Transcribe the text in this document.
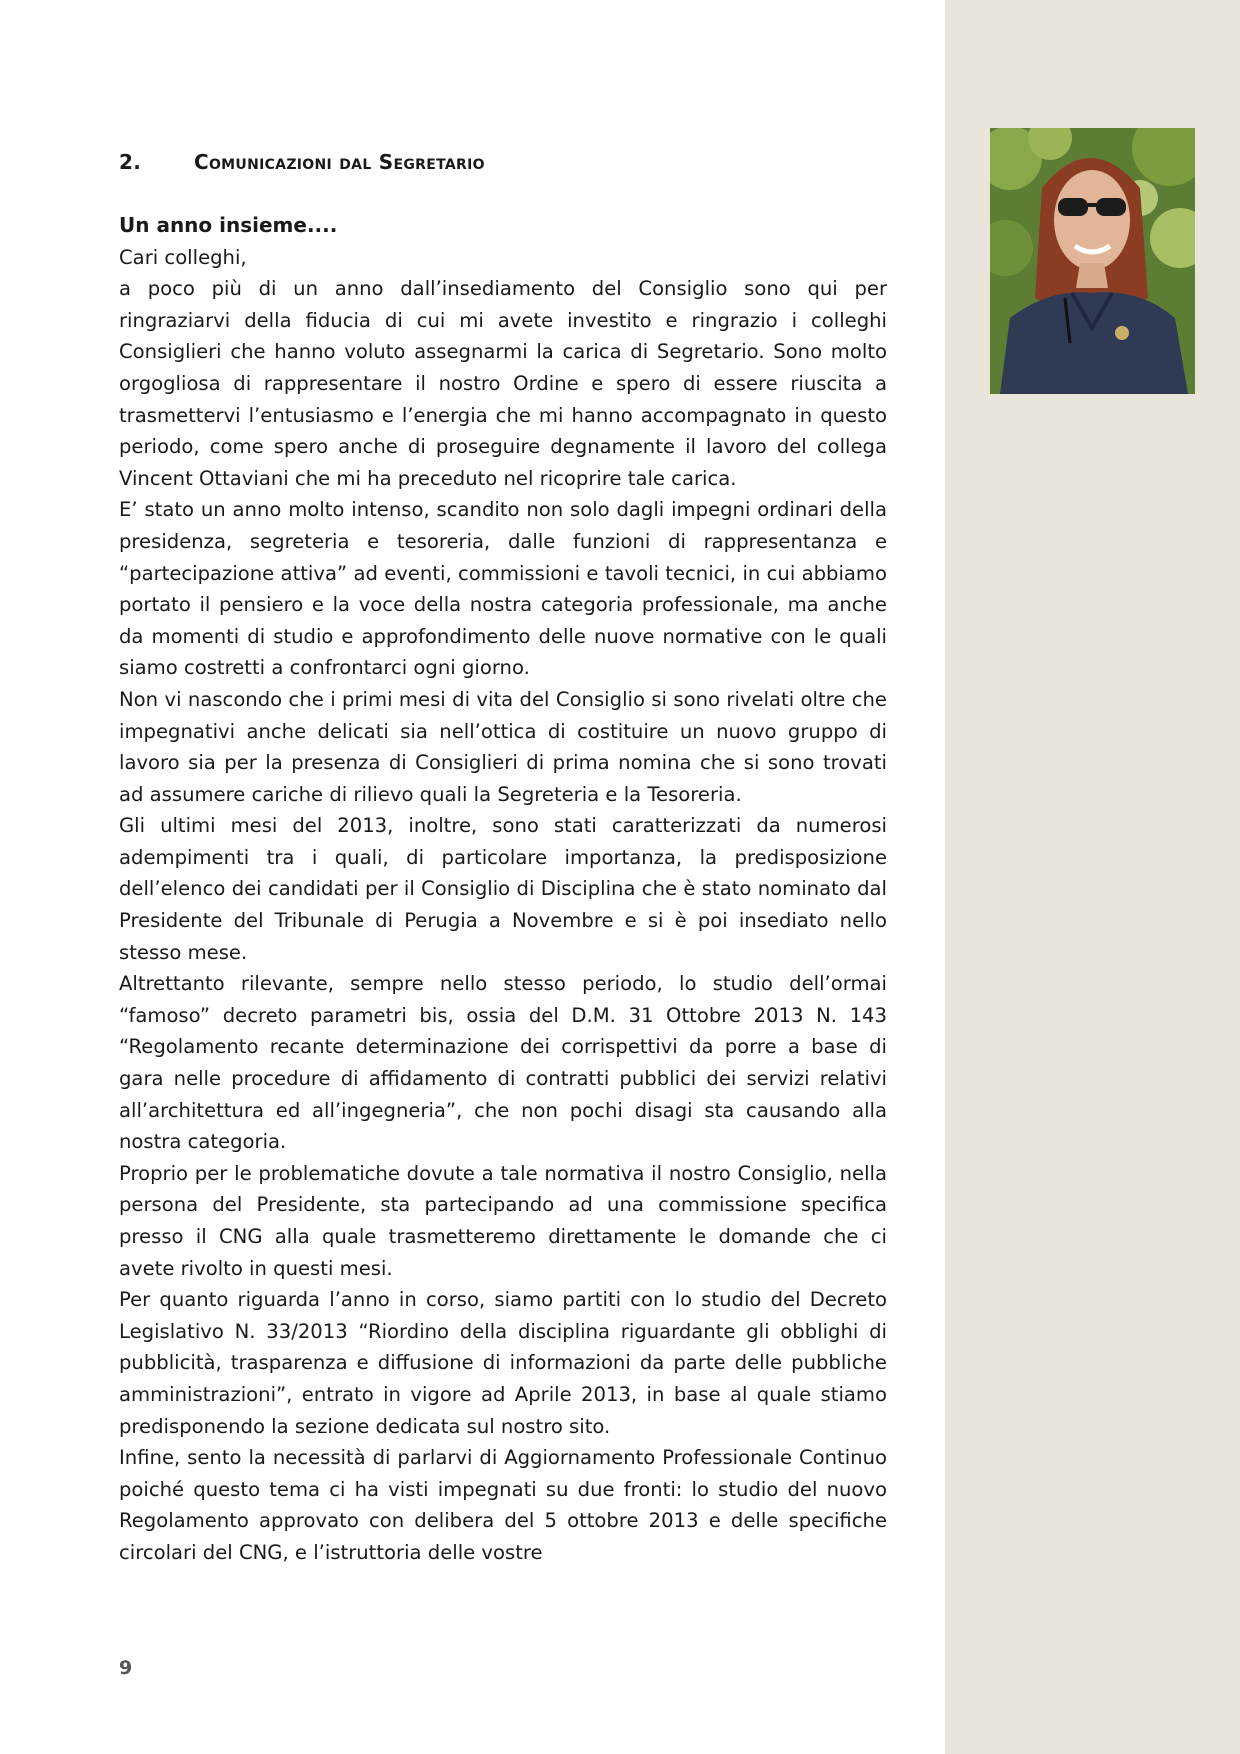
2.	Comunicazioni dal Segretario

Un anno insieme....

Cari colleghi,

a poco più di un anno dall’insediamento del Consiglio sono qui per ringraziarvi della fiducia di cui mi avete investito e ringrazio i colleghi Consiglieri che hanno voluto assegnarmi la carica di Segretario. Sono molto orgogliosa di rappresentare il nostro Ordine e spero di essere riuscita a trasmettervi l’entusiasmo e l’energia che mi hanno accompagnato in questo periodo, come spero anche di proseguire degnamente il lavoro del collega Vincent Ottaviani che mi ha preceduto nel ricoprire tale carica.

E’ stato un anno molto intenso, scandito non solo dagli impegni ordinari della presidenza, segreteria e tesoreria, dalle funzioni di rappresentanza e “partecipazione attiva” ad eventi, commissioni e tavoli tecnici, in cui abbiamo portato il pensiero e la voce della nostra categoria professionale, ma anche da momenti di studio e approfondimento delle nuove normative con le quali siamo costretti a confrontarci ogni giorno.

Non vi nascondo che i primi mesi di vita del Consiglio si sono rivelati oltre che impegnativi anche delicati sia nell’ottica di costituire un nuovo gruppo di lavoro sia per la presenza di Consiglieri di prima nomina che si sono trovati ad assumere cariche di rilievo quali la Segreteria e la Tesoreria.

Gli ultimi mesi del 2013, inoltre, sono stati caratterizzati da numerosi adempimenti tra i quali, di particolare importanza, la predisposizione dell’elenco dei candidati per il Consiglio di Disciplina che è stato nominato dal Presidente del Tribunale di Perugia a Novembre e si è poi insediato nello stesso mese.

Altrettanto rilevante, sempre nello stesso periodo, lo studio dell’ormai “famoso” decreto parametri bis, ossia del D.M. 31 Ottobre 2013 N. 143 “Regolamento recante determinazione dei corrispettivi da porre a base di gara nelle procedure di affidamento di contratti pubblici dei servizi relativi all’architettura ed all’ingegneria”, che non pochi disagi sta causando alla nostra categoria.

Proprio per le problematiche dovute a tale normativa il nostro Consiglio, nella persona del Presidente, sta partecipando ad una commissione specifica presso il CNG alla quale trasmetteremo direttamente le domande che ci avete rivolto in questi mesi.

Per quanto riguarda l’anno in corso, siamo partiti con lo studio del Decreto Legislativo N. 33/2013 “Riordino della disciplina riguardante gli obblighi di pubblicità, trasparenza e diffusione di informazioni da parte delle pubbliche amministrazioni”, entrato in vigore ad Aprile 2013, in base al quale stiamo predisponendo la sezione dedicata sul nostro sito.

Infine, sento la necessità di parlarvi di Aggiornamento Professionale Continuo poiché questo tema ci ha visti impegnati su due fronti: lo studio del nuovo Regolamento approvato con delibera del 5 ottobre 2013 e delle specifiche circolari del CNG, e l’istruttoria delle vostre

9
